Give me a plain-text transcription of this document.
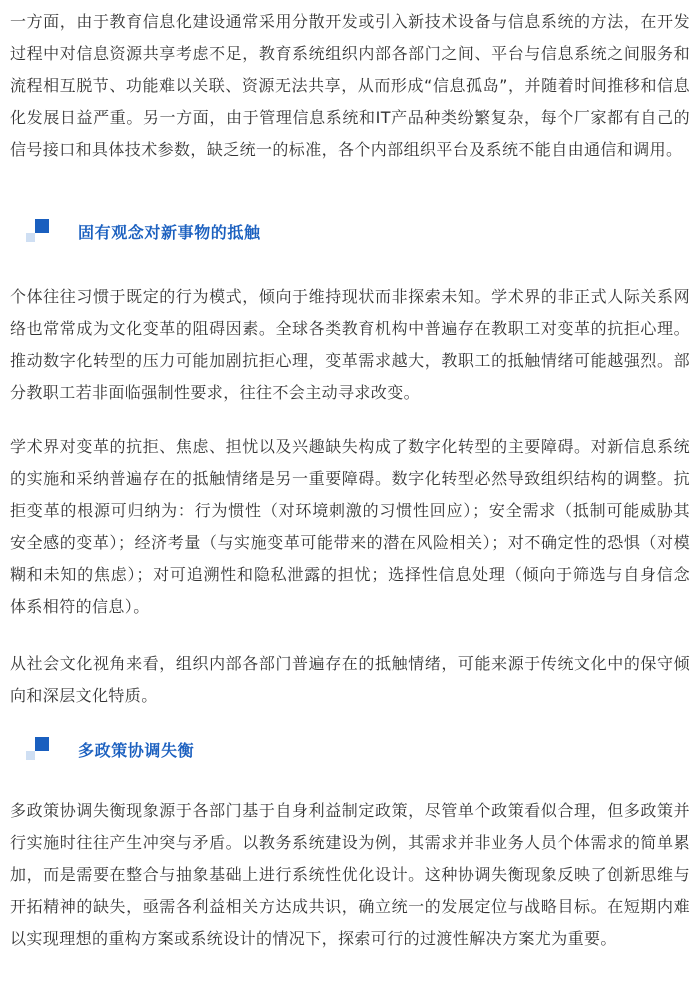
一方面，由于教育信息化建设通常采用分散开发或引入新技术设备与信息系统的方法，在开发过程中对信息资源共享考虑不足，教育系统组织内部各部门之间、平台与信息系统之间服务和流程相互脱节、功能难以关联、资源无法共享，从而形成“信息孤岛”，并随着时间推移和信息化发展日益严重。另一方面，由于管理信息系统和IT产品种类纷繁复杂，每个厂家都有自己的信号接口和具体技术参数，缺乏统一的标准，各个内部组织平台及系统不能自由通信和调用。

固有观念对新事物的抵触

个体往往习惯于既定的行为模式，倾向于维持现状而非探索未知。学术界的非正式人际关系网络也常常成为文化变革的阻碍因素。全球各类教育机构中普遍存在教职工对变革的抗拒心理。推动数字化转型的压力可能加剧抗拒心理，变革需求越大，教职工的抵触情绪可能越强烈。部分教职工若非面临强制性要求，往往不会主动寻求改变。

学术界对变革的抗拒、焦虑、担忧以及兴趣缺失构成了数字化转型的主要障碍。对新信息系统的实施和采纳普遍存在的抵触情绪是另一重要障碍。数字化转型必然导致组织结构的调整。抗拒变革的根源可归纳为：行为惯性（对环境刺激的习惯性回应）；安全需求（抵制可能威胁其安全感的变革）；经济考量（与实施变革可能带来的潜在风险相关）；对不确定性的恐惧（对模糊和未知的焦虑）；对可追溯性和隐私泄露的担忧；选择性信息处理（倾向于筛选与自身信念体系相符的信息）。

从社会文化视角来看，组织内部各部门普遍存在的抵触情绪，可能来源于传统文化中的保守倾向和深层文化特质。

多政策协调失衡

多政策协调失衡现象源于各部门基于自身利益制定政策，尽管单个政策看似合理，但多政策并行实施时往往产生冲突与矛盾。以教务系统建设为例，其需求并非业务人员个体需求的简单累加，而是需要在整合与抽象基础上进行系统性优化设计。这种协调失衡现象反映了创新思维与开拓精神的缺失，亟需各利益相关方达成共识，确立统一的发展定位与战略目标。在短期内难以实现理想的重构方案或系统设计的情况下，探索可行的过渡性解决方案尤为重要。
